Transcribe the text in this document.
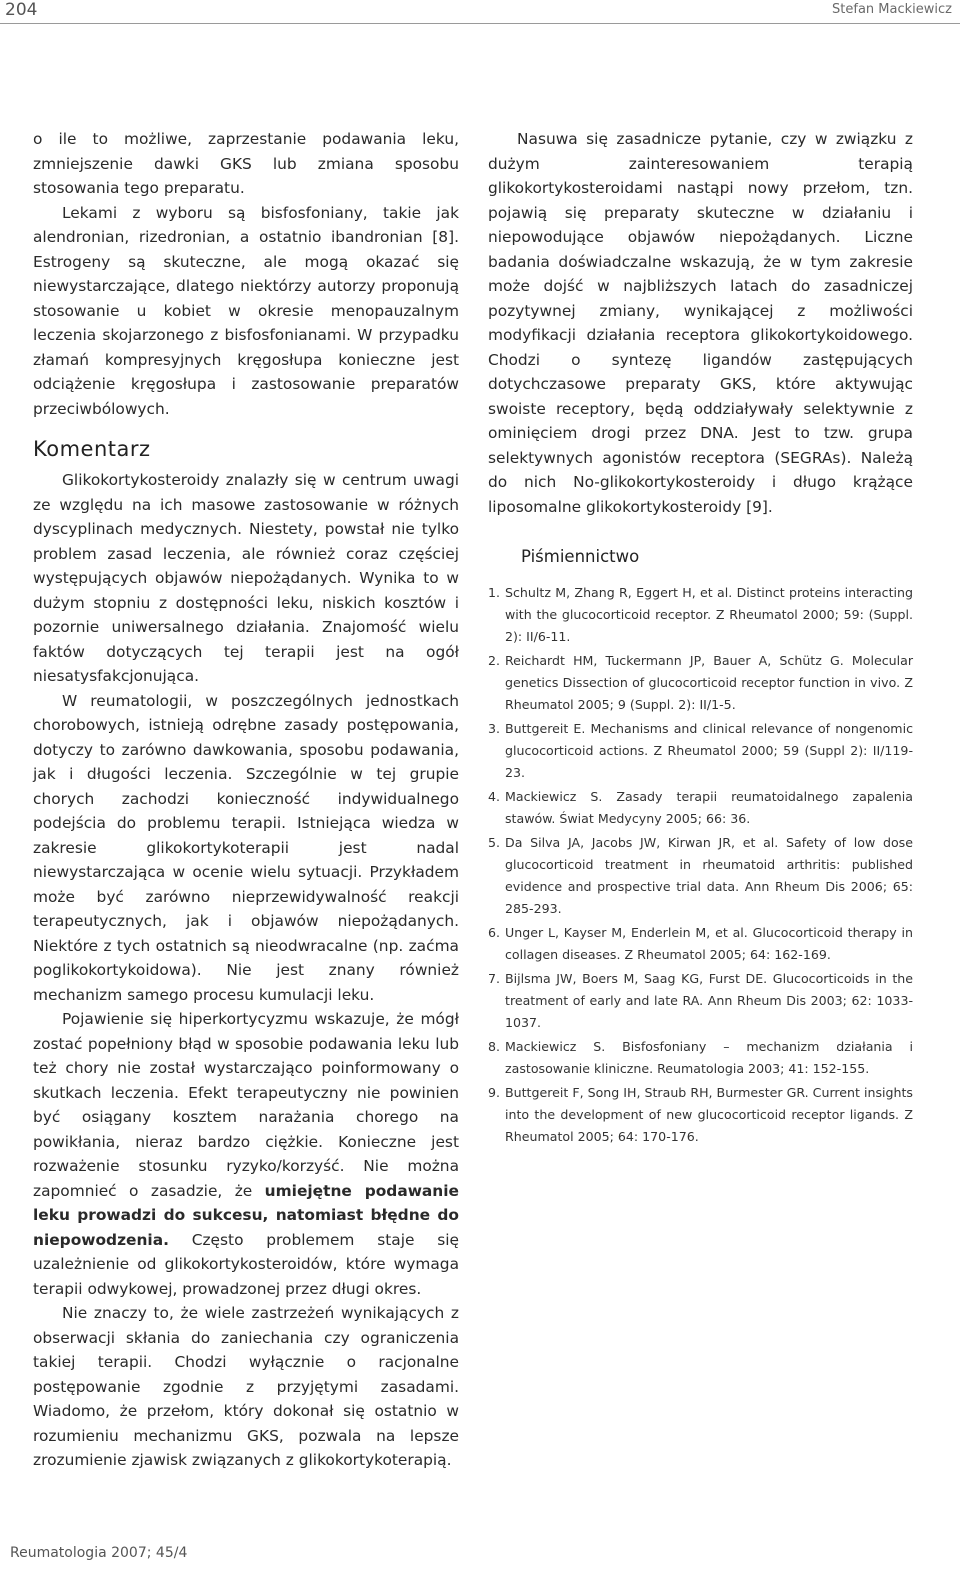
204	Stefan Mackiewicz

o ile to możliwe, zaprzestanie podawania leku, zmniejszenie dawki GKS lub zmiana sposobu stosowania tego preparatu.

Lekami z wyboru są bisfosfoniany, takie jak alendronian, rizedronian, a ostatnio ibandronian [8]. Estrogeny są skuteczne, ale mogą okazać się niewystarczające, dlatego niektórzy autorzy proponują stosowanie u kobiet w okresie menopauzalnym leczenia skojarzonego z bisfosfonianami. W przypadku złamań kompresyjnych kręgosłupa konieczne jest odciążenie kręgosłupa i zastosowanie preparatów przeciwbólowych.

Komentarz

Glikokortykosteroidy znalazły się w centrum uwagi ze względu na ich masowe zastosowanie w różnych dyscyplinach medycznych. Niestety, powstał nie tylko problem zasad leczenia, ale również coraz częściej występujących objawów niepożądanych. Wynika to w dużym stopniu z dostępności leku, niskich kosztów i pozornie uniwersalnego działania. Znajomość wielu faktów dotyczących tej terapii jest na ogół niesatysfakcjonująca.

W reumatologii, w poszczególnych jednostkach chorobowych, istnieją odrębne zasady postępowania, dotyczy to zarówno dawkowania, sposobu podawania, jak i długości leczenia. Szczególnie w tej grupie chorych zachodzi konieczność indywidualnego podejścia do problemu terapii. Istniejąca wiedza w zakresie glikokortykoterapii jest nadal niewystarczająca w ocenie wielu sytuacji. Przykładem może być zarówno nieprzewidywalność reakcji terapeutycznych, jak i objawów niepożądanych. Niektóre z tych ostatnich są nieodwracalne (np. zaćma poglikokortykoidowa). Nie jest znany również mechanizm samego procesu kumulacji leku.

Pojawienie się hiperkortycyzmu wskazuje, że mógł zostać popełniony błąd w sposobie podawania leku lub też chory nie został wystarczająco poinformowany o skutkach leczenia. Efekt terapeutyczny nie powinien być osiągany kosztem narażania chorego na powikłania, nieraz bardzo ciężkie. Konieczne jest rozważenie stosunku ryzyko/korzyść. Nie można zapomnieć o zasadzie, że umiejętne podawanie leku prowadzi do sukcesu, natomiast błędne do niepowodzenia. Często problemem staje się uzależnienie od glikokortykosteroidów, które wymaga terapii odwykowej, prowadzonej przez długi okres.

Nie znaczy to, że wiele zastrzeżeń wynikających z obserwacji skłania do zaniechania czy ograniczenia takiej terapii. Chodzi wyłącznie o racjonalne postępowanie zgodnie z przyjętymi zasadami. Wiadomo, że przełom, który dokonał się ostatnio w rozumieniu mechanizmu GKS, pozwala na lepsze zrozumienie zjawisk związanych z glikokortykoterapią.

Nasuwa się zasadnicze pytanie, czy w związku z dużym zainteresowaniem terapią glikokortykosteroidami nastąpi nowy przełom, tzn. pojawią się preparaty skuteczne w działaniu i niepowodujące objawów niepożądanych. Liczne badania doświadczalne wskazują, że w tym zakresie może dojść w najbliższych latach do zasadniczej pozytywnej zmiany, wynikającej z możliwości modyfikacji działania receptora glikokortykoidowego. Chodzi o syntezę ligandów zastępujących dotychczasowe preparaty GKS, które aktywując swoiste receptory, będą oddziaływały selektywnie z ominięciem drogi przez DNA. Jest to tzw. grupa selektywnych agonistów receptora (SEGRAs). Należą do nich No-glikokortykosteroidy i długo krążące liposomalne glikokortykosteroidy [9].

Piśmiennictwo
1. Schultz M, Zhang R, Eggert H, et al. Distinct proteins interacting with the glucocorticoid receptor. Z Rheumatol 2000; 59: (Suppl. 2): II/6-11.
2. Reichardt HM, Tuckermann JP, Bauer A, Schütz G. Molecular genetics Dissection of glucocorticoid receptor function in vivo. Z Rheumatol 2005; 9 (Suppl. 2): II/1-5.
3. Buttgereit E. Mechanisms and clinical relevance of nongenomic glucocorticoid actions. Z Rheumatol 2000; 59 (Suppl 2): II/119-23.
4. Mackiewicz S. Zasady terapii reumatoidalnego zapalenia stawów. Świat Medycyny 2005; 66: 36.
5. Da Silva JA, Jacobs JW, Kirwan JR, et al. Safety of low dose glucocorticoid treatment in rheumatoid arthritis: published evidence and prospective trial data. Ann Rheum Dis 2006; 65: 285-293.
6. Unger L, Kayser M, Enderlein M, et al. Glucocorticoid therapy in collagen diseases. Z Rheumatol 2005; 64: 162-169.
7. Bijlsma JW, Boers M, Saag KG, Furst DE. Glucocorticoids in the treatment of early and late RA. Ann Rheum Dis 2003; 62: 1033-1037.
8. Mackiewicz S. Bisfosfoniany – mechanizm działania i zastosowanie kliniczne. Reumatologia 2003; 41: 152-155.
9. Buttgereit F, Song IH, Straub RH, Burmester GR. Current insights into the development of new glucocorticoid receptor ligands. Z Rheumatol 2005; 64: 170-176.
Reumatologia 2007; 45/4
